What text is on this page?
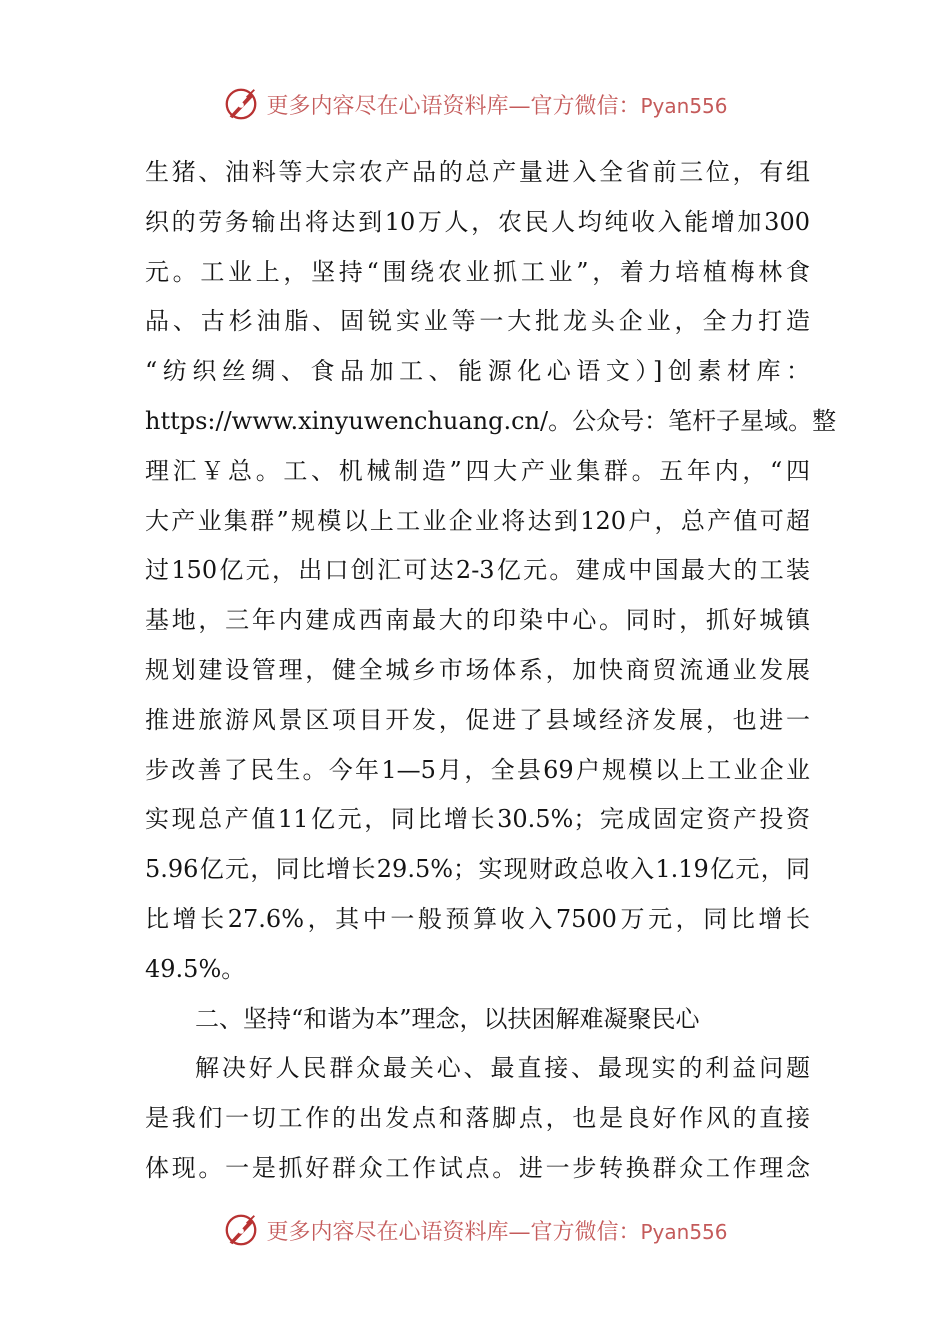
更多内容尽在心语资料库—官方微信：Pyan556
生猪、油料等大宗农产品的总产量进入全省前三位，有组
织的劳务输出将达到10万人，农民人均纯收入能增加300
元。工业上，坚持“围绕农业抓工业”，着力培植梅林食
品、古杉油脂、固锐实业等一大批龙头企业，全力打造
“纺织丝绸、食品加工、能源化心语文）]创素材库：
https://www.xinyuwenchuang.cn/。公众号：笔杆子星域。整
理汇￥总。工、机械制造”四大产业集群。五年内，“四
大产业集群”规模以上工业企业将达到120户，总产值可超
过150亿元，出口创汇可达2-3亿元。建成中国最大的工装
基地，三年内建成西南最大的印染中心。同时，抓好城镇
规划建设管理，健全城乡市场体系，加快商贸流通业发展
推进旅游风景区项目开发，促进了县域经济发展，也进一
步改善了民生。今年1—5月，全县69户规模以上工业企业
实现总产值11亿元，同比增长30.5%；完成固定资产投资
5.96亿元，同比增长29.5%；实现财政总收入1.19亿元，同
比增长27.6%，其中一般预算收入7500万元，同比增长
49.5%。
二、坚持“和谐为本”理念，以扶困解难凝聚民心
解决好人民群众最关心、最直接、最现实的利益问题
是我们一切工作的出发点和落脚点，也是良好作风的直接
体现。一是抓好群众工作试点。进一步转换群众工作理念
更多内容尽在心语资料库—官方微信：Pyan556
